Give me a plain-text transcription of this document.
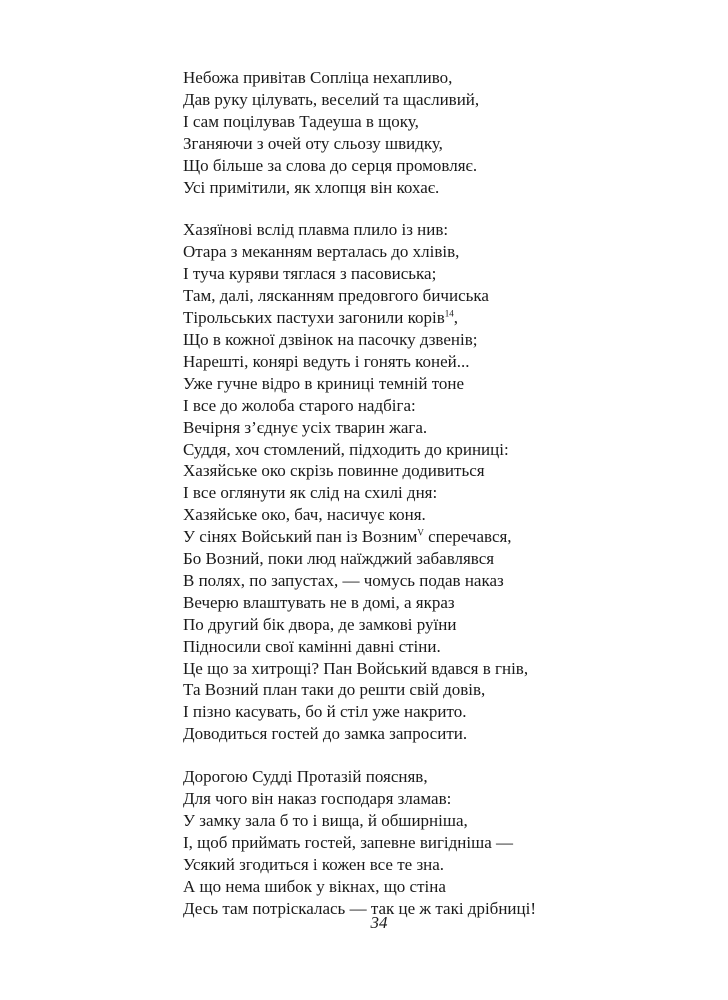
Небожа привітав Сопліца нехапливо,
Дав руку цілувать, веселий та щасливий,
І сам поцілував Тадеуша в щоку,
Зганяючи з очей оту сльозу швидку,
Що більше за слова до серця промовляє.
Усі примітили, як хлопця він кохає.
Хазяїнові вслід плавма плило із нив:
Отара з меканням верталась до хлівів,
І туча куряви тяглася з пасовиська;
Там, далі, лясканням предовгого бичиська
Тірольських пастухи загонили корів$^{14}$,
Що в кожної дзвінок на пасочку дзвенів;
Нарешті, конярі ведуть і гонять коней...
Уже гучне відро в криниці темній тоне
І все до жолоба старого надбіга:
Вечірня з’єднує усіх тварин жага.
Суддя, хоч стомлений, підходить до криниці:
Хазяйське око скрізь повинне додивиться
І все оглянути як слід на схилі дня:
Хазяйське око, бач, насичує коня.
У сінях Войський пан із Возним$^V$ сперечався,
Бо Возний, поки люд наїжджий забавлявся
В полях, по запустах, — чомусь подав наказ
Вечерю влаштувать не в домі, а якраз
По другий бік двора, де замкові руїни
Підносили свої камінні давні стіни.
Це що за хитрощі? Пан Войський вдався в гнів,
Та Возний план таки до решти свій довів,
І пізно касувать, бо й стіл уже накрито.
Доводиться гостей до замка запросити.
Дорогою Судді Протазій поясняв,
Для чого він наказ господаря зламав:
У замку зала б то і вища, й обширніша,
І, щоб приймать гостей, запевне вигідніша —
Усякий згодиться і кожен все те зна.
А що нема шибок у вікнах, що стіна
Десь там потріскалась — так це ж такі дрібниці!
34
